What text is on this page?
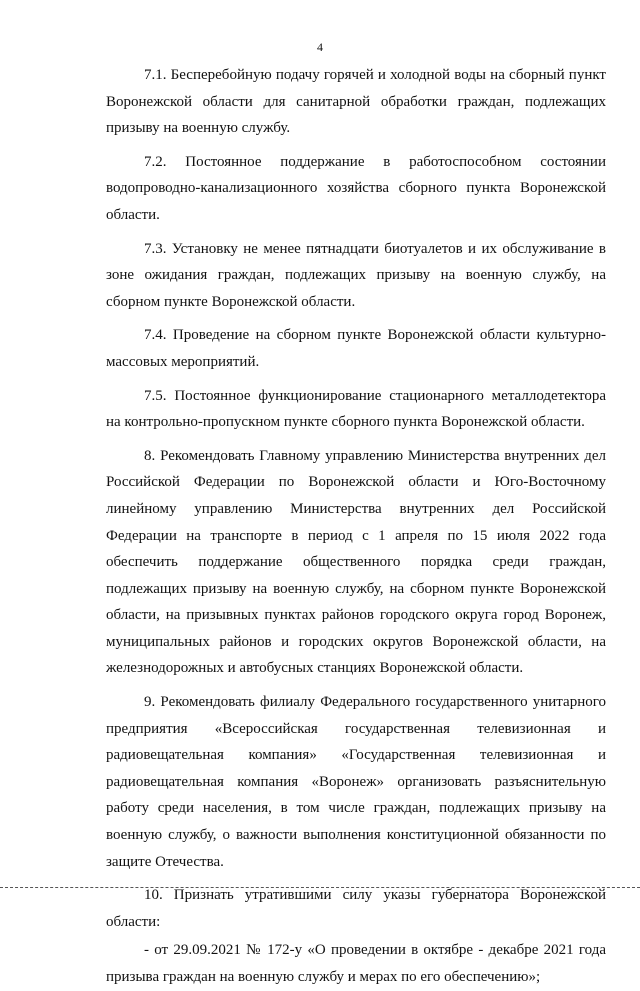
4

7.1. Бесперебойную подачу горячей и холодной воды на сборный пункт Воронежской области для санитарной обработки граждан, подлежащих призыву на военную службу.

7.2. Постоянное поддержание в работоспособном состоянии водопроводно-канализационного хозяйства сборного пункта Воронежской области.

7.3. Установку не менее пятнадцати биотуалетов и их обслуживание в зоне ожидания граждан, подлежащих призыву на военную службу, на сборном пункте Воронежской области.

7.4. Проведение на сборном пункте Воронежской области культурно-массовых мероприятий.

7.5. Постоянное функционирование стационарного металлодетектора на контрольно-пропускном пункте сборного пункта Воронежской области.

8. Рекомендовать Главному управлению Министерства внутренних дел Российской Федерации по Воронежской области и Юго-Восточному линейному управлению Министерства внутренних дел Российской Федерации на транспорте в период с 1 апреля по 15 июля 2022 года обеспечить поддержание общественного порядка среди граждан, подлежащих призыву на военную службу, на сборном пункте Воронежской области, на призывных пунктах районов городского округа город Воронеж, муниципальных районов и городских округов Воронежской области, на железнодорожных и автобусных станциях Воронежской области.

9. Рекомендовать филиалу Федерального государственного унитарного предприятия «Всероссийская государственная телевизионная и радиовещательная компания» «Государственная телевизионная и радиовещательная компания «Воронеж» организовать разъяснительную работу среди населения, в том числе граждан, подлежащих призыву на военную службу, о важности выполнения конституционной обязанности по защите Отечества.

10. Признать утратившими силу указы губернатора Воронежской области:

- от 29.09.2021 № 172-у «О проведении в октябре - декабре 2021 года призыва граждан на военную службу и мерах по его обеспечению»;
